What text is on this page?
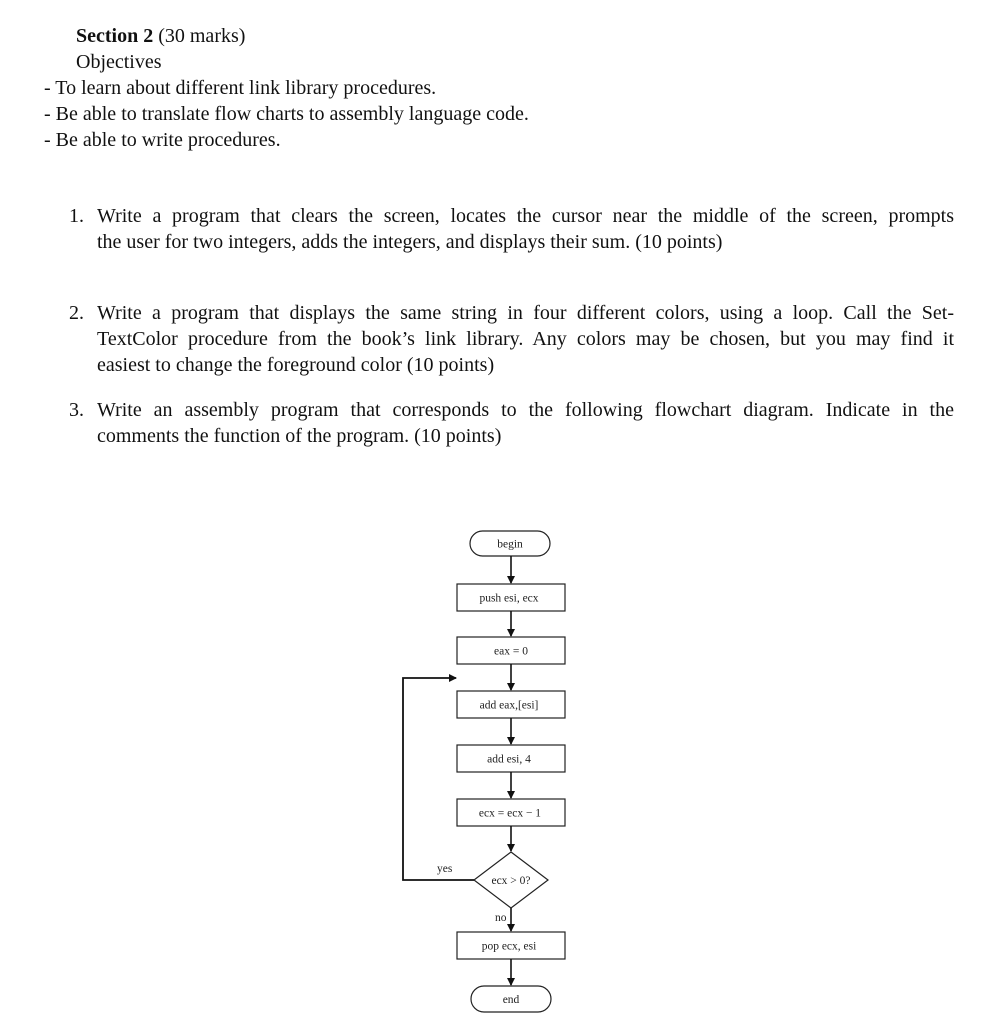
Section 2 (30 marks)
Objectives
- To learn about different link library procedures.
- Be able to translate flow charts to assembly language code.
- Be able to write procedures.
1. Write a program that clears the screen, locates the cursor near the middle of the screen, prompts
the user for two integers, adds the integers, and displays their sum. (10 points)
2. Write a program that displays the same string in four different colors, using a loop. Call the Set-
TextColor procedure from the book’s link library. Any colors may be chosen, but you may find it
easiest to change the foreground color (10 points)
3. Write an assembly program that corresponds to the following flowchart diagram. Indicate in the
comments the function of the program. (10 points)
begin
push esi, ecx
eax = 0
add eax,[esi]
add esi, 4
ecx = ecx − 1
ecx > 0?
yes
no
pop ecx, esi
end
